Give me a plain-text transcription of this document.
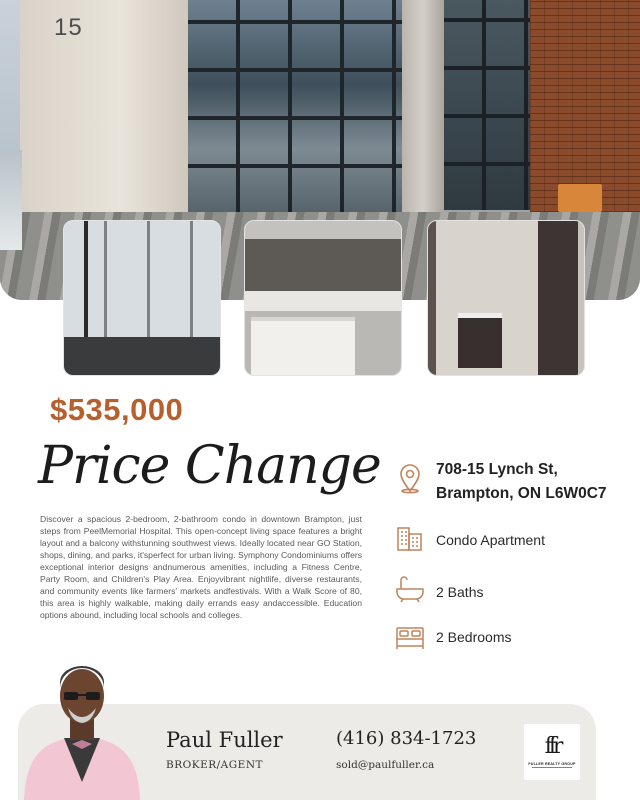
15
$535,000
Price Change

Discover a spacious 2-bedroom, 2-bathroom condo in downtown Brampton, just steps from PeelMemorial Hospital. This open-concept living space features a bright layout and a balcony withstunning southwest views. Ideally located near GO Station, shops, dining, and parks, it'sperfect for urban living. Symphony Condominiums offers exceptional interior designs andnumerous amenities, including a Fitness Centre, Party Room, and Children's Play Area. Enjoyvibrant nightlife, diverse restaurants, and community events like farmers' markets andfestivals. With a Walk Score of 80, this area is highly walkable, making daily errands easy andaccessible. Education options abound, including local schools and colleges.

708-15 Lynch St,
Brampton, ON L6W0C7
Condo Apartment
2 Baths
2 Bedrooms
Paul Fuller
BROKER/AGENT
(416) 834-1723
sold@paulfuller.ca
ffr
FULLER REALTY GROUP
